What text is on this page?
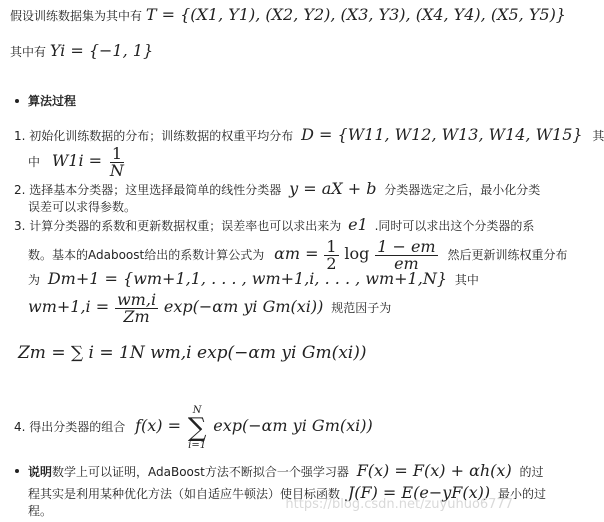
假设训练数据集为其中有 T = {(X1, Y1), (X2, Y2), (X3, Y3), (X4, Y4), (X5, Y5)}
其中有 Yi = {−1, 1}
算法过程
1. 初始化训练数据的分布；训练数据的权重平均分布 D = {W11, W12, W13, W14, W15} 其
中 $W1i = \frac{1}{N}$
2. 选择基本分类器；这里选择最简单的线性分类器 y = aX + b 分类器选定之后，最小化分类
误差可以求得参数。
3. 计算分类器的系数和更新数据权重；误差率也可以求出来为 e1 .同时可以求出这个分类器的系
数。基本的Adaboost给出的系数计算公式为 $\alpha m = \frac{1}{2}$ $\log \frac{1 - em}{em}$ 然后更新训练权重分布
为 Dm+1 = {wm+1,1, . . . , wm+1,i, . . . , wm+1,N} 其中
$wm+1,i = \frac{wm,i}{Zm} \exp(-\alpha m$ yi Gm(xi)) 规范因子为
Zm = ∑ i = 1N wm,i exp(−αm yi Gm(xi))
4. 得出分类器的组合 f(x) =
N
∑
i=1
exp(−αm yi Gm(xi))
说明数学上可以证明，AdaBoost方法不断拟合一个强学习器 F(x) = F(x) + αh(x) 的过
程其实是利用某种优化方法（如自适应牛顿法）使目标函数 J(F) = E(e−yF(x)) 最小的过
程。	https://blog.csdn.net/zuyuhuo6777
